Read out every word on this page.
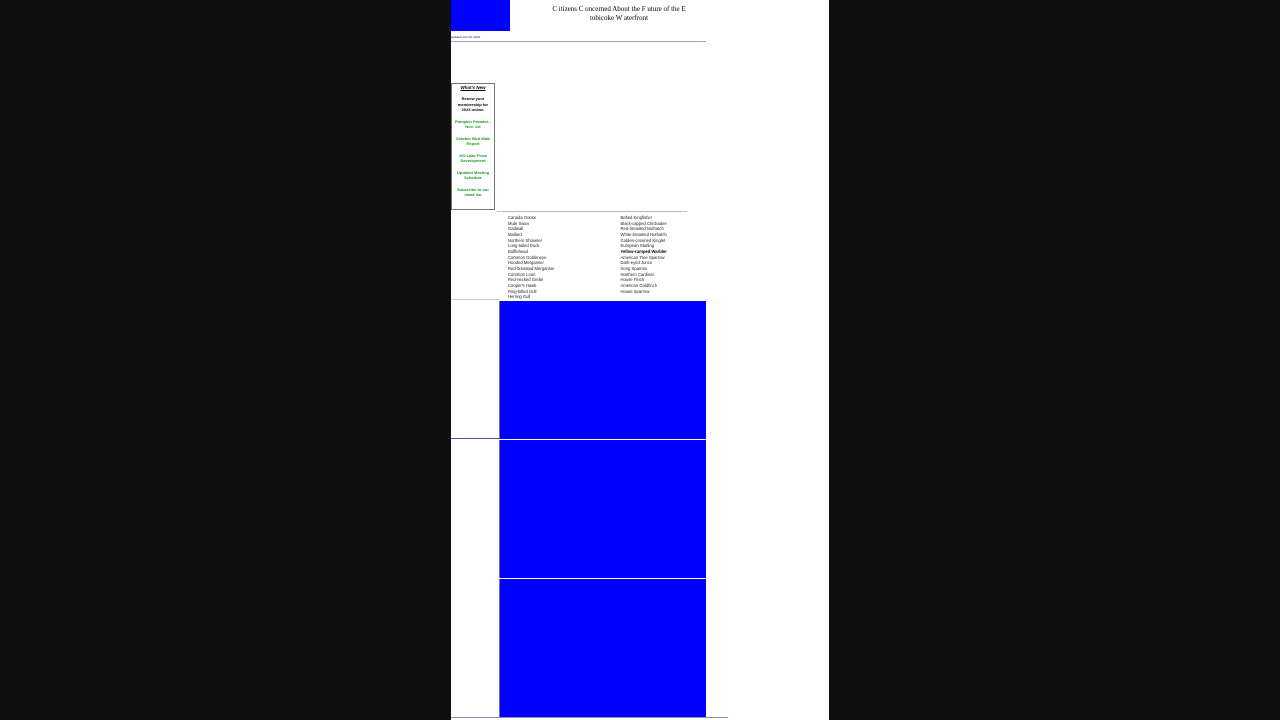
C itizens C oncerned About the F uture of the E
tobicoke W aterfront
updated Jan 20, 2023
What's New
Renew your membership for 2023 online.
Pumpkin Parades - Nov. 1st
October Bird Walk Report
100 Lake Prom Development
Updated Meeting Schedule
Subscribe to our email list
Canada Goose
Mute Swan
Gadwall
Mallard
Northern Shoveler
Long-tailed Duck
Bufflehead
Common Goldeneye
Hooded Merganser
Red-breasted Merganser
Common Loon
Red-necked Grebe
Cooper's Hawk
Ring-billed Gull
Herring Gull
Belted Kingfisher
Black-capped Chickadee
Red-breasted Nuthatch
White-breasted Nuthatch
Golden-crowned Kinglet
European Starling
Yellow-rumped Warbler
American Tree Sparrow
Dark-eyed Junco
Song Sparrow
Northern Cardinal
House Finch
American Goldfinch
House Sparrow
